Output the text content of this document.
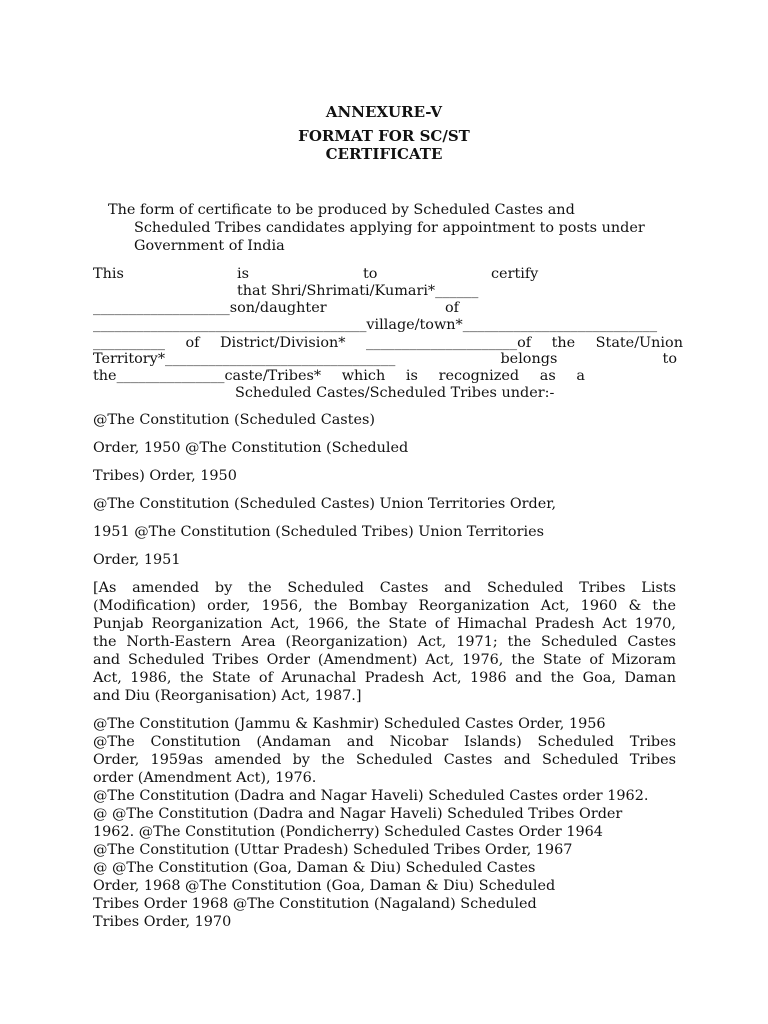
ANNEXURE-V
FORMAT FOR SC/ST
CERTIFICATE
The form of certificate to be produced by Scheduled Castes and
Scheduled Tribes candidates applying for appointment to posts under
Government of India
This	is	to	certify
that Shri/Shrimati/Kumari*______
___________________son/daughter	of
______________________________________village/town*___________________________
__________ of District/Division* _____________________of the State/Union
Territory*________________________________	belongs	to
the_______________caste/Tribes* which is recognized as a
Scheduled Castes/Scheduled Tribes under:-
@The Constitution (Scheduled Castes)
Order, 1950 @The Constitution (Scheduled
Tribes) Order, 1950
@The Constitution (Scheduled Castes) Union Territories Order,
1951 @The Constitution (Scheduled Tribes) Union Territories
Order, 1951
[As amended by the Scheduled Castes and Scheduled Tribes Lists
(Modification) order, 1956, the Bombay Reorganization Act, 1960 & the
Punjab Reorganization Act, 1966, the State of Himachal Pradesh Act 1970,
the North-Eastern Area (Reorganization) Act, 1971; the Scheduled Castes
and Scheduled Tribes Order (Amendment) Act, 1976, the State of Mizoram
Act, 1986, the State of Arunachal Pradesh Act, 1986 and the Goa, Daman
and Diu (Reorganisation) Act, 1987.]
@The Constitution (Jammu & Kashmir) Scheduled Castes Order, 1956
@The Constitution (Andaman and Nicobar Islands) Scheduled Tribes
Order, 1959as amended by the Scheduled Castes and Scheduled Tribes
order (Amendment Act), 1976.
@The Constitution (Dadra and Nagar Haveli) Scheduled Castes order 1962.
@ @The Constitution (Dadra and Nagar Haveli) Scheduled Tribes Order
1962. @The Constitution (Pondicherry) Scheduled Castes Order 1964
@The Constitution (Uttar Pradesh) Scheduled Tribes Order, 1967
@ @The Constitution (Goa, Daman & Diu) Scheduled Castes
Order, 1968 @The Constitution (Goa, Daman & Diu) Scheduled
Tribes Order 1968 @The Constitution (Nagaland) Scheduled
Tribes Order, 1970
